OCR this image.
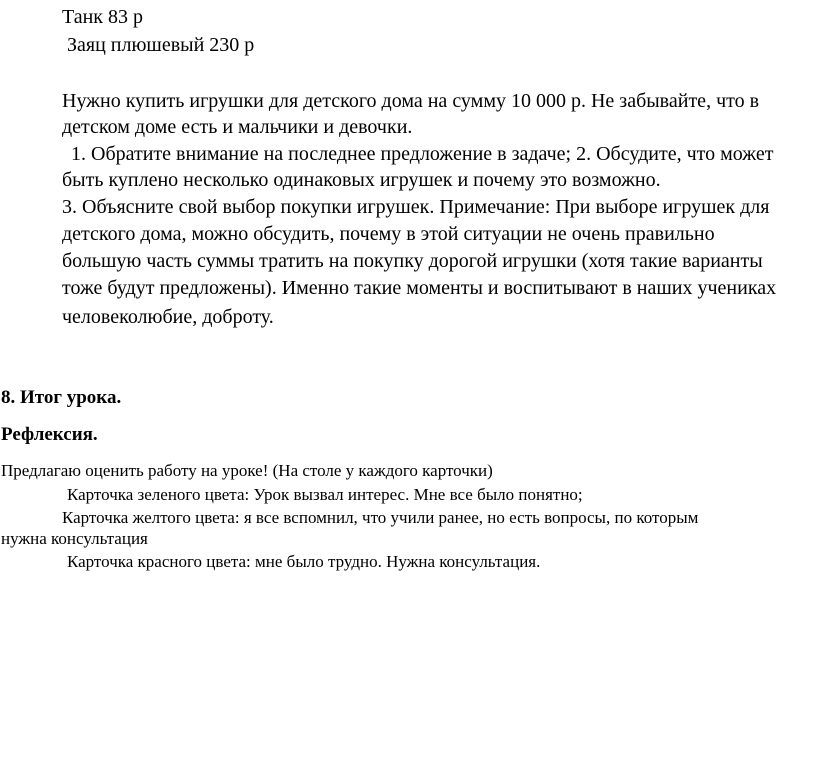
Танк 83 р

Заяц плюшевый 230 р

Нужно купить игрушки для детского дома на сумму 10 000 р. Не забывайте, что в

детском доме есть и мальчики и девочки.

1. Обратите внимание на последнее предложение в задаче; 2. Обсудите, что может

быть куплено несколько одинаковых игрушек и почему это возможно.

3. Объясните свой выбор покупки игрушек. Примечание: При выборе игрушек для

детского дома, можно обсудить, почему в этой ситуации не очень правильно

большую часть суммы тратить на покупку дорогой игрушки (хотя такие варианты

тоже будут предложены). Именно такие моменты и воспитывают в наших учениках

человеколюбие, доброту.

8. Итог урока.

Рефлексия.

Предлагаю оценить работу на уроке! (На столе у каждого карточки)

Карточка зеленого цвета: Урок вызвал интерес. Мне все было понятно;

Карточка желтого цвета: я все вспомнил, что учили ранее, но есть вопросы, по которым

нужна консультация

Карточка красного цвета: мне было трудно. Нужна консультация.
